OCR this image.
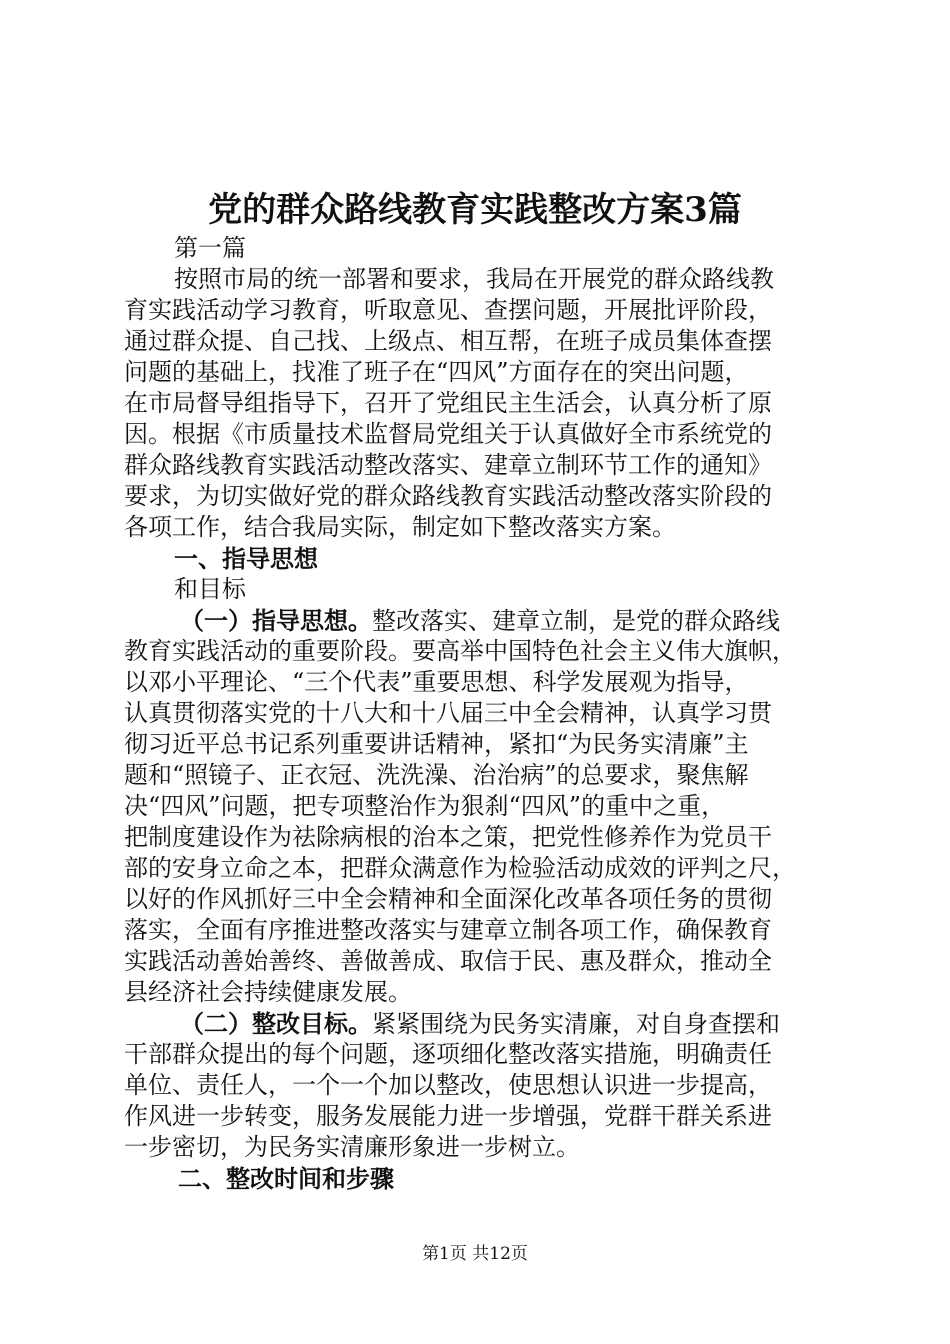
党的群众路线教育实践整改方案3篇
第一篇
按照市局的统一部署和要求，我局在开展党的群众路线教
育实践活动学习教育，听取意见、查摆问题，开展批评阶段，
通过群众提、自己找、上级点、相互帮，在班子成员集体查摆
问题的基础上，找准了班子在“四风”方面存在的突出问题，
在市局督导组指导下，召开了党组民主生活会，认真分析了原
因。根据《市质量技术监督局党组关于认真做好全市系统党的
群众路线教育实践活动整改落实、建章立制环节工作的通知》
要求，为切实做好党的群众路线教育实践活动整改落实阶段的
各项工作，结合我局实际，制定如下整改落实方案。
一、指导思想
和目标
（一）指导思想。整改落实、建章立制，是党的群众路线
教育实践活动的重要阶段。要高举中国特色社会主义伟大旗帜，
以邓小平理论、“三个代表”重要思想、科学发展观为指导，
认真贯彻落实党的十八大和十八届三中全会精神，认真学习贯
彻习近平总书记系列重要讲话精神，紧扣“为民务实清廉”主
题和“照镜子、正衣冠、洗洗澡、治治病”的总要求，聚焦解
决“四风”问题，把专项整治作为狠刹“四风”的重中之重，
把制度建设作为祛除病根的治本之策，把党性修养作为党员干
部的安身立命之本，把群众满意作为检验活动成效的评判之尺，
以好的作风抓好三中全会精神和全面深化改革各项任务的贯彻
落实，全面有序推进整改落实与建章立制各项工作，确保教育
实践活动善始善终、善做善成、取信于民、惠及群众，推动全
县经济社会持续健康发展。
（二）整改目标。紧紧围绕为民务实清廉，对自身查摆和
干部群众提出的每个问题，逐项细化整改落实措施，明确责任
单位、责任人，一个一个加以整改，使思想认识进一步提高，
作风进一步转变，服务发展能力进一步增强，党群干群关系进
一步密切，为民务实清廉形象进一步树立。
二、整改时间和步骤
第1页 共12页
